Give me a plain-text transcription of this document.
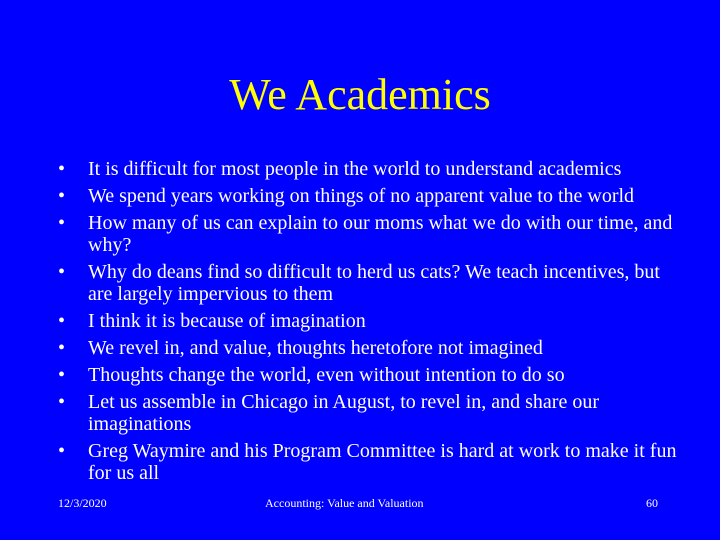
We Academics
•	It is difficult for most people in the world to understand academics
•	We spend years working on things of no apparent value to the world
•	How many of us can explain to our moms what we do with our time, and why?
•	Why do deans find so difficult to herd us cats? We teach incentives, but are largely impervious to them
•	I think it is because of imagination
•	We revel in, and value, thoughts heretofore not imagined
•	Thoughts change the world, even without intention to do so
•	Let us assemble in Chicago in August, to revel in, and share our imaginations
•	Greg Waymire and his Program Committee is hard at work to make it fun for us all
12/3/2020	Accounting: Value and Valuation	60
